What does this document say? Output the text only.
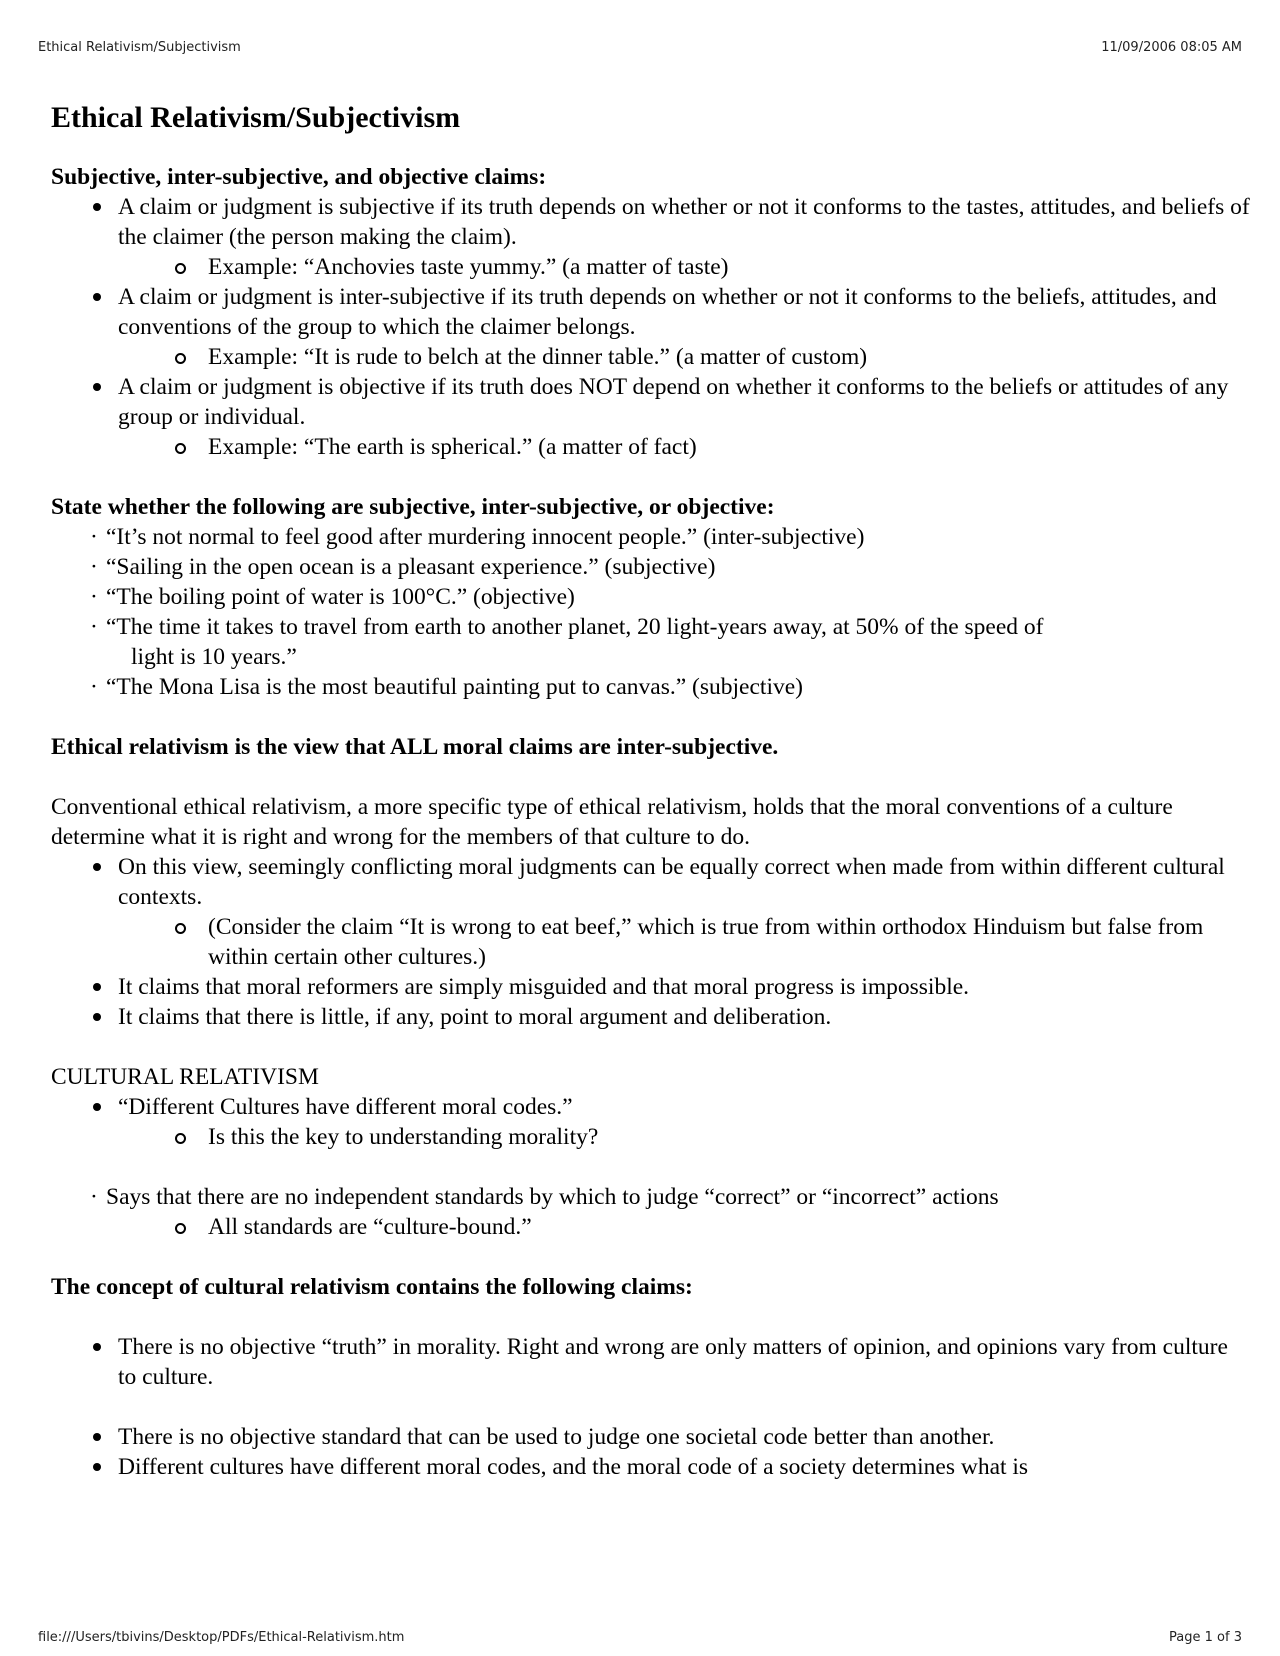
Ethical Relativism/Subjectivism	11/09/2006 08:05 AM
Ethical Relativism/Subjectivism

Subjective, inter-subjective, and objective claims:

A claim or judgment is subjective if its truth depends on whether or not it conforms to the tastes, attitudes, and beliefs of the claimer (the person making the claim).
Example: “Anchovies taste yummy.” (a matter of taste)
A claim or judgment is inter-subjective if its truth depends on whether or not it conforms to the beliefs, attitudes, and conventions of the group to which the claimer belongs.
Example: “It is rude to belch at the dinner table.” (a matter of custom)
A claim or judgment is objective if its truth does NOT depend on whether it conforms to the beliefs or attitudes of any group or individual.
Example: “The earth is spherical.” (a matter of fact)

State whether the following are subjective, inter-subjective, or objective:

· “It’s not normal to feel good after murdering innocent people.” (inter-subjective)
· “Sailing in the open ocean is a pleasant experience.” (subjective)
· “The boiling point of water is 100°C.” (objective)
· “The time it takes to travel from earth to another planet, 20 light-years away, at 50% of the speed of
light is 10 years.”
· “The Mona Lisa is the most beautiful painting put to canvas.” (subjective)

Ethical relativism is the view that ALL moral claims are inter-subjective.

Conventional ethical relativism, a more specific type of ethical relativism, holds that the moral conventions of a culture determine what it is right and wrong for the members of that culture to do.

On this view, seemingly conflicting moral judgments can be equally correct when made from within different cultural contexts.
(Consider the claim “It is wrong to eat beef,” which is true from within orthodox Hinduism but false from within certain other cultures.)
It claims that moral reformers are simply misguided and that moral progress is impossible.
It claims that there is little, if any, point to moral argument and deliberation.

CULTURAL RELATIVISM

“Different Cultures have different moral codes.”
Is this the key to understanding morality?
· Says that there are no independent standards by which to judge “correct” or “incorrect” actions
All standards are “culture-bound.”

The concept of cultural relativism contains the following claims:

There is no objective “truth” in morality. Right and wrong are only matters of opinion, and opinions vary from culture to culture.
There is no objective standard that can be used to judge one societal code better than another.
Different cultures have different moral codes, and the moral code of a society determines what is
file:///Users/tbivins/Desktop/PDFs/Ethical-Relativism.htm	Page 1 of 3
